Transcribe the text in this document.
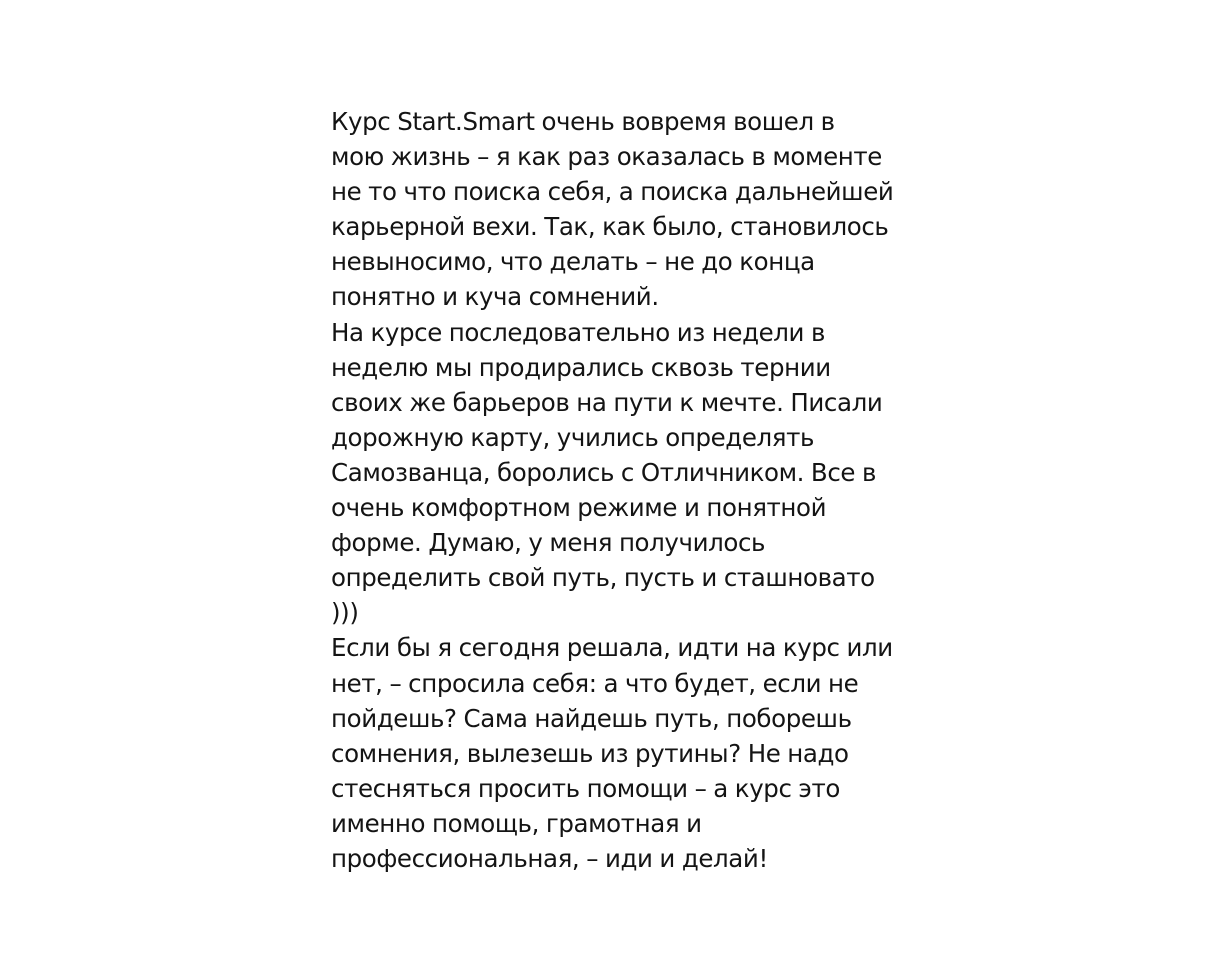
Курс Start.Smart очень вовремя вошел в
мою жизнь – я как раз оказалась в моменте
не то что поиска себя, а поиска дальнейшей
карьерной вехи. Так, как было, становилось
невыносимо, что делать – не до конца
понятно и куча сомнений.
На курсе последовательно из недели в
неделю мы продирались сквозь тернии
своих же барьеров на пути к мечте. Писали
дорожную карту, учились определять
Самозванца, боролись с Отличником. Все в
очень комфортном режиме и понятной
форме. Думаю, у меня получилось
определить свой путь, пусть и сташновато
)))
Если бы я сегодня решала, идти на курс или
нет, – спросила себя: а что будет, если не
пойдешь? Сама найдешь путь, поборешь
сомнения, вылезешь из рутины? Не надо
стесняться просить помощи – а курс это
именно помощь, грамотная и
профессиональная, – иди и делай!
